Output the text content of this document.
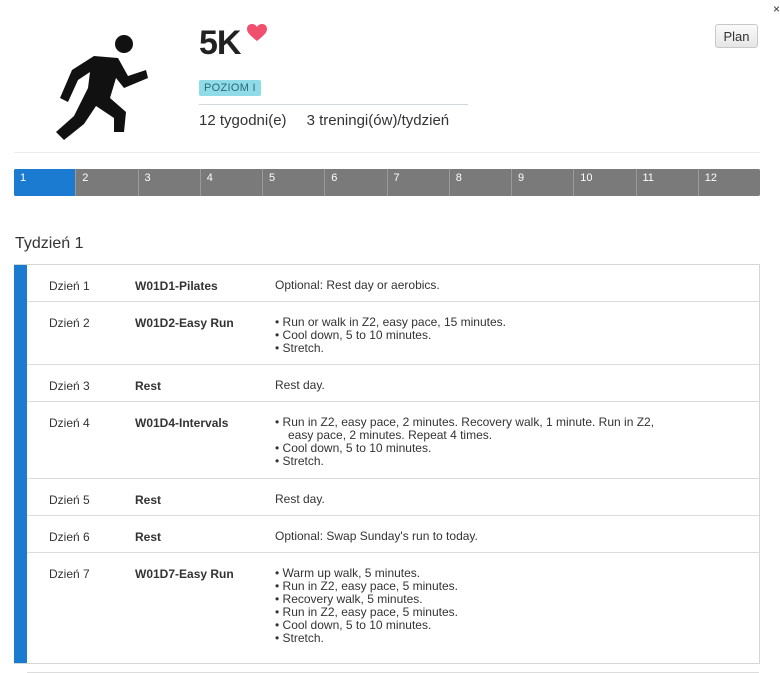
×
5K
POZIOM I
12 tygodni(e) 3 treningi(ów)/tydzień
Plan
1	2	3	4	5	6	7	8	9	10	11	12
Tydzień 1
Dzień 1	W01D1-Pilates	Optional: Rest day or aerobics.
Dzień 2	W01D2-Easy Run	• Run or walk in Z2, easy pace, 15 minutes.
• Cool down, 5 to 10 minutes.
• Stretch.
Dzień 3	Rest	Rest day.
Dzień 4	W01D4-Intervals	• Run in Z2, easy pace, 2 minutes. Recovery walk, 1 minute. Run in Z2,
easy pace, 2 minutes. Repeat 4 times.
• Cool down, 5 to 10 minutes.
• Stretch.
Dzień 5	Rest	Rest day.
Dzień 6	Rest	Optional: Swap Sunday's run to today.
Dzień 7	W01D7-Easy Run	• Warm up walk, 5 minutes.
• Run in Z2, easy pace, 5 minutes.
• Recovery walk, 5 minutes.
• Run in Z2, easy pace, 5 minutes.
• Cool down, 5 to 10 minutes.
• Stretch.
